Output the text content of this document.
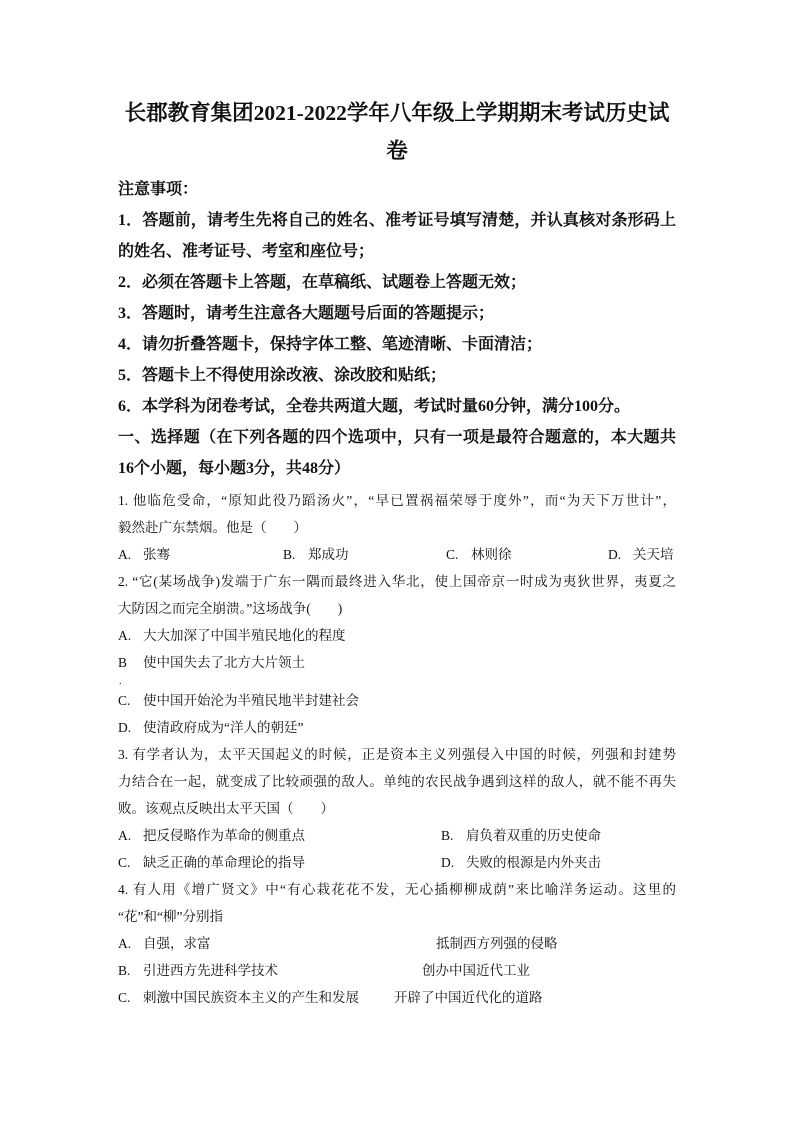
长郡教育集团2021-2022学年八年级上学期期末考试历史试
卷
注意事项：
1．答题前，请考生先将自己的姓名、准考证号填写清楚，并认真核对条形码上
的姓名、准考证号、考室和座位号；
2．必须在答题卡上答题，在草稿纸、试题卷上答题无效；
3．答题时，请考生注意各大题题号后面的答题提示；
4．请勿折叠答题卡，保持字体工整、笔迹清晰、卡面清洁；
5．答题卡上不得使用涂改液、涂改胶和贴纸；
6．本学科为闭卷考试，全卷共两道大题，考试时量60分钟，满分100分。
一、选择题（在下列各题的四个选项中，只有一项是最符合题意的，本大题共
16个小题，每小题3分，共48分）
1. 他临危受命，“原知此役乃蹈汤火”，“早已置祸福荣辱于度外”，而“为天下万世计”，
毅然赴广东禁烟。他是（　　）
A. 张骞	B. 郑成功	C. 林则徐	D. 关天培
2. “它(某场战争)发端于广东一隅而最终进入华北，使上国帝京一时成为夷狄世界，夷夏之
大防因之而完全崩溃。”这场战争(　　)
A. 大大加深了中国半殖民地化的程度
B 使中国失去了北方大片领土
.
C. 使中国开始沦为半殖民地半封建社会
D. 使清政府成为“洋人的朝廷”
3. 有学者认为，太平天国起义的时候，正是资本主义列强侵入中国的时候，列强和封建势
力结合在一起，就变成了比较顽强的敌人。单纯的农民战争遇到这样的敌人，就不能不再失
败。该观点反映出太平天国（　　）
A. 把反侵略作为革命的侧重点	B. 肩负着双重的历史使命
C. 缺乏正确的革命理论的指导	D. 失败的根源是内外夹击
4. 有人用《增广贤文》中“有心栽花花不发，无心插柳柳成荫”来比喻洋务运动。这里的
“花”和“柳”分别指
A. 自强，求富	抵制西方列强的侵略
B. 引进西方先进科学技术	创办中国近代工业
C. 刺激中国民族资本主义的产生和发展	开辟了中国近代化的道路
